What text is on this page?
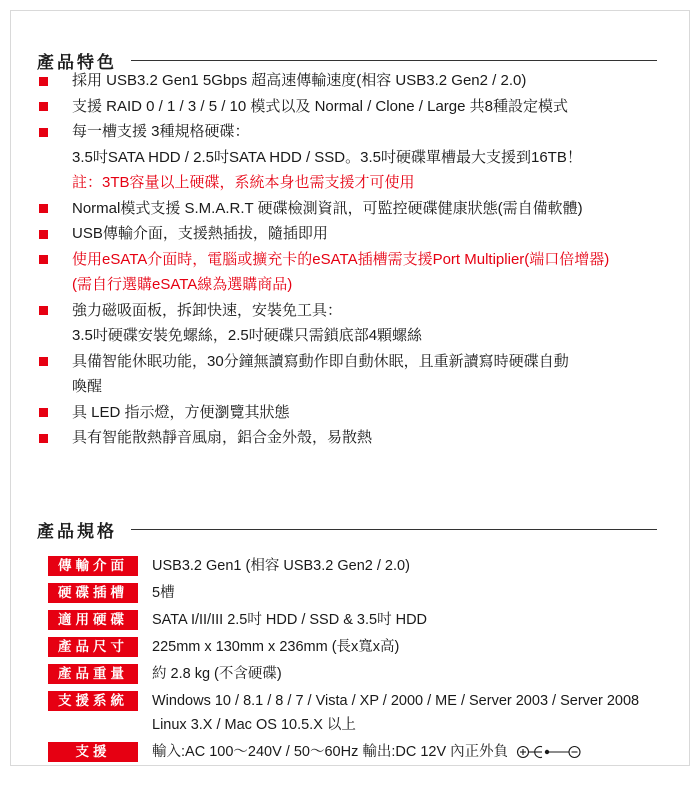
產品特色
採用 USB3.2 Gen1 5Gbps 超高速傳輸速度(相容 USB3.2 Gen2 / 2.0)
支援 RAID 0 / 1 / 3 / 5 / 10 模式以及 Normal / Clone / Large 共8種設定模式
每一槽支援 3種規格硬碟：
3.5吋SATA HDD / 2.5吋SATA HDD / SSD。3.5吋硬碟單槽最大支援到16TB！
註：3TB容量以上硬碟，系統本身也需支援才可使用
Normal模式支援 S.M.A.R.T 硬碟檢測資訊，可監控硬碟健康狀態(需自備軟體)
USB傳輸介面，支援熱插拔，隨插即用
使用eSATA介面時，電腦或擴充卡的eSATA插槽需支援Port Multiplier(端口倍增器)
(需自行選購eSATA線為選購商品)
強力磁吸面板，拆卸快速，安裝免工具：
3.5吋硬碟安裝免螺絲，2.5吋硬碟只需鎖底部4顆螺絲
具備智能休眠功能，30分鐘無讀寫動作即自動休眠，且重新讀寫時硬碟自動
喚醒
具 LED 指示燈，方便瀏覽其狀態
具有智能散熱靜音風扇，鋁合金外殼，易散熱
產品規格
傳輸介面	USB3.2 Gen1 (相容 USB3.2 Gen2 / 2.0)
硬碟插槽	5槽
適用硬碟	SATA I/II/III 2.5吋 HDD / SSD & 3.5吋 HDD
產品尺寸	225mm x 130mm x 236mm (長x寬x高)
產品重量	約 2.8 kg (不含硬碟)
支援系統	Windows 10 / 8.1 / 8 / 7 / Vista / XP / 2000 / ME / Server 2003 / Server 2008
Linux 3.X / Mac OS 10.5.X 以上
支援	輸入:AC 100～240V / 50～60Hz 輸出:DC 12V 內正外負
